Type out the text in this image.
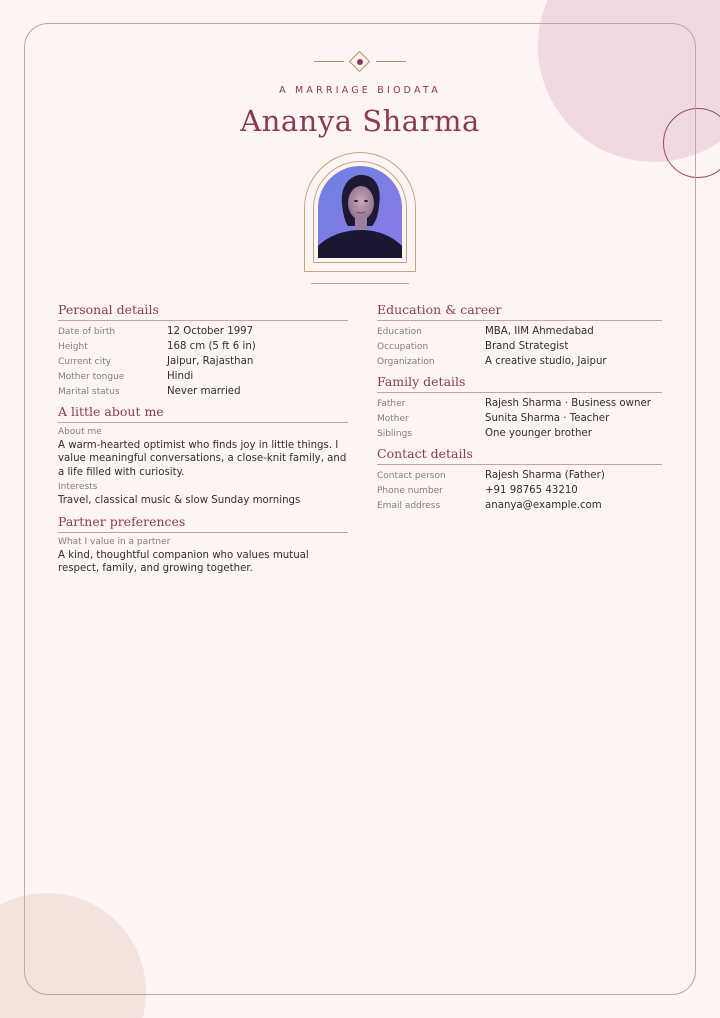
A MARRIAGE BIODATA
Ananya Sharma
Personal details
Date of birth	12 October 1997
Height	168 cm (5 ft 6 in)
Current city	Jaipur, Rajasthan
Mother tongue	Hindi
Marital status	Never married
A little about me
About me
A warm-hearted optimist who finds joy in little things. I value meaningful conversations, a close-knit family, and a life filled with curiosity.
Interests
Travel, classical music & slow Sunday mornings
Partner preferences
What I value in a partner
A kind, thoughtful companion who values mutual respect, family, and growing together.
Education & career
Education	MBA, IIM Ahmedabad
Occupation	Brand Strategist
Organization	A creative studio, Jaipur
Family details
Father	Rajesh Sharma · Business owner
Mother	Sunita Sharma · Teacher
Siblings	One younger brother
Contact details
Contact person	Rajesh Sharma (Father)
Phone number	+91 98765 43210
Email address	ananya@example.com
